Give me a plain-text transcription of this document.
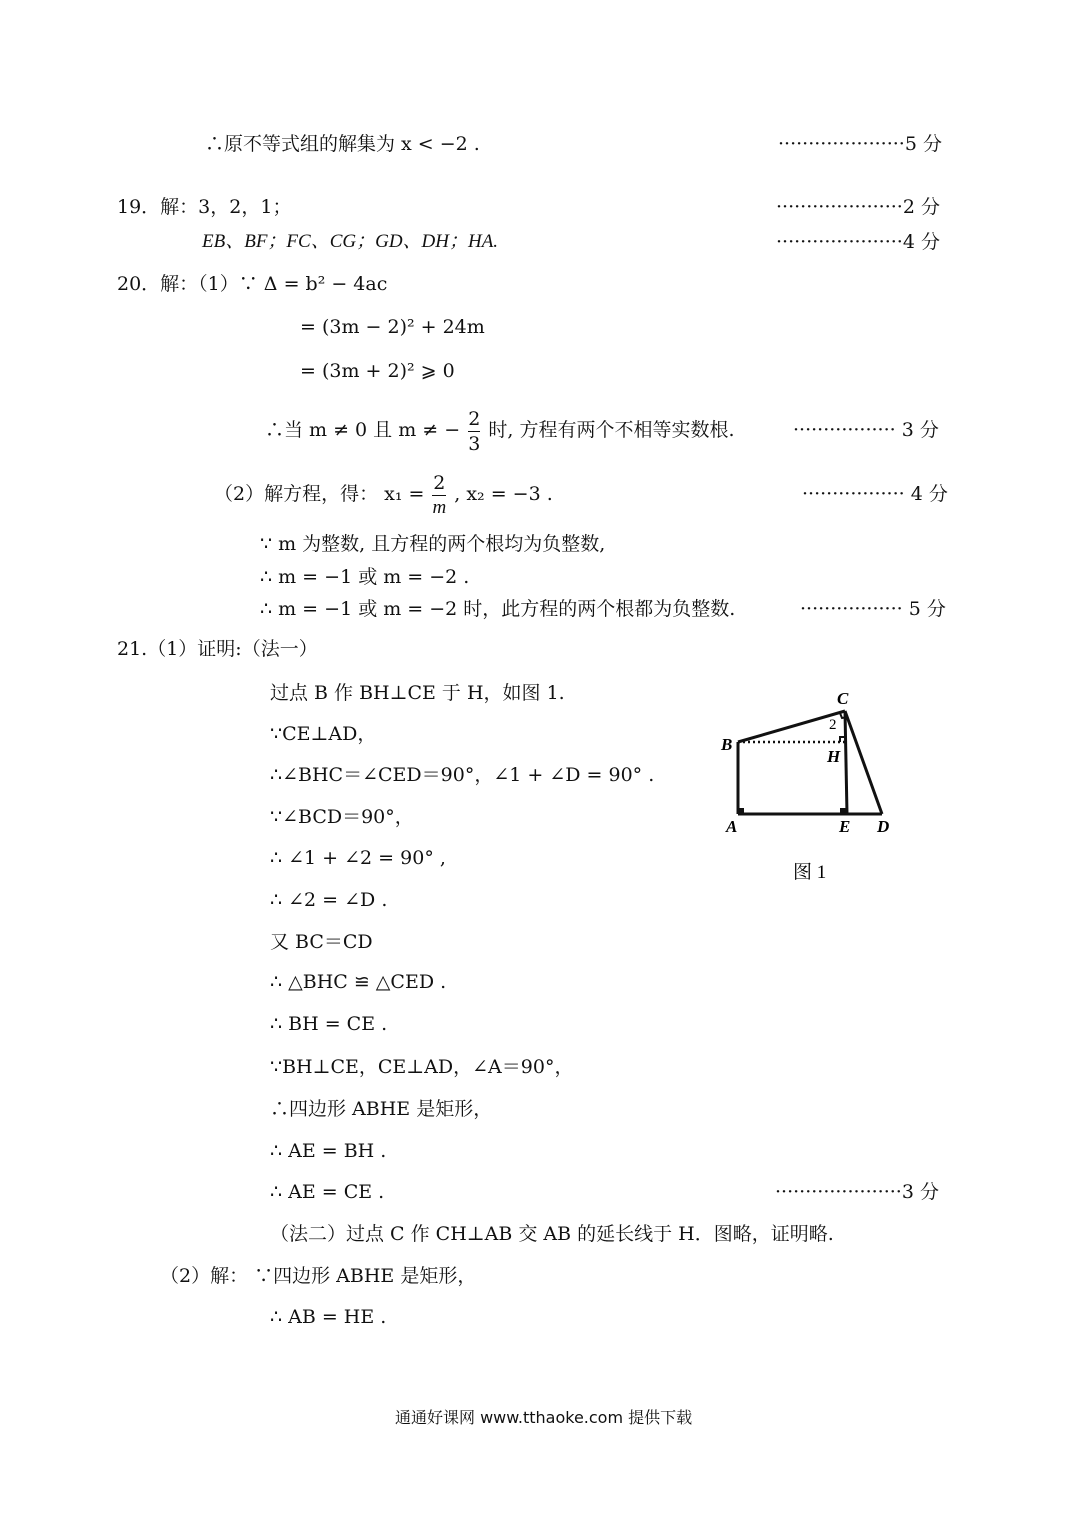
∴原不等式组的解集为 x < −2 .	·····················5 分
19．解：3，2，1；	·····················2 分
EB、BF；FC、CG；GD、DH；HA.	·····················4 分
20．解：（1）∵ Δ = b² − 4ac
= (3m − 2)² + 24m
= (3m + 2)² ⩾ 0
∴当 m ≠ 0 且 m ≠ − $\frac{2}{3}$ 时, 方程有两个不相等实数根.	················· 3 分
（2）解方程，得： $x_1 = \frac{2}{m}$ , x₂ = −3 .	················· 4 分
∵ m 为整数, 且方程的两个根均为负整数,
∴ m = −1 或 m = −2 .
∴ m = −1 或 m = −2 时，此方程的两个根都为负整数.	················· 5 分
21.（1）证明:（法一）
过点 B 作 BH⊥CE 于 H，如图 1.
∵CE⊥AD，
∴∠BHC＝∠CED＝90°，∠1 + ∠D = 90° .
∵∠BCD＝90°，
∴ ∠1 + ∠2 = 90° ,
∴ ∠2 = ∠D .
又 BC＝CD
∴ △BHC ≌ △CED .
∴ BH = CE .
∵BH⊥CE，CE⊥AD，∠A＝90°，
∴四边形 ABHE 是矩形，
∴ AE = BH .
∴ AE = CE .	·····················3 分
（法二）过点 C 作 CH⊥AB 交 AB 的延长线于 H．图略，证明略.
（2）解： ∵四边形 ABHE 是矩形，
∴ AB = HE .
C
2
B
H
A	E D
图 1
通通好课网 www.tthaoke.com 提供下载
